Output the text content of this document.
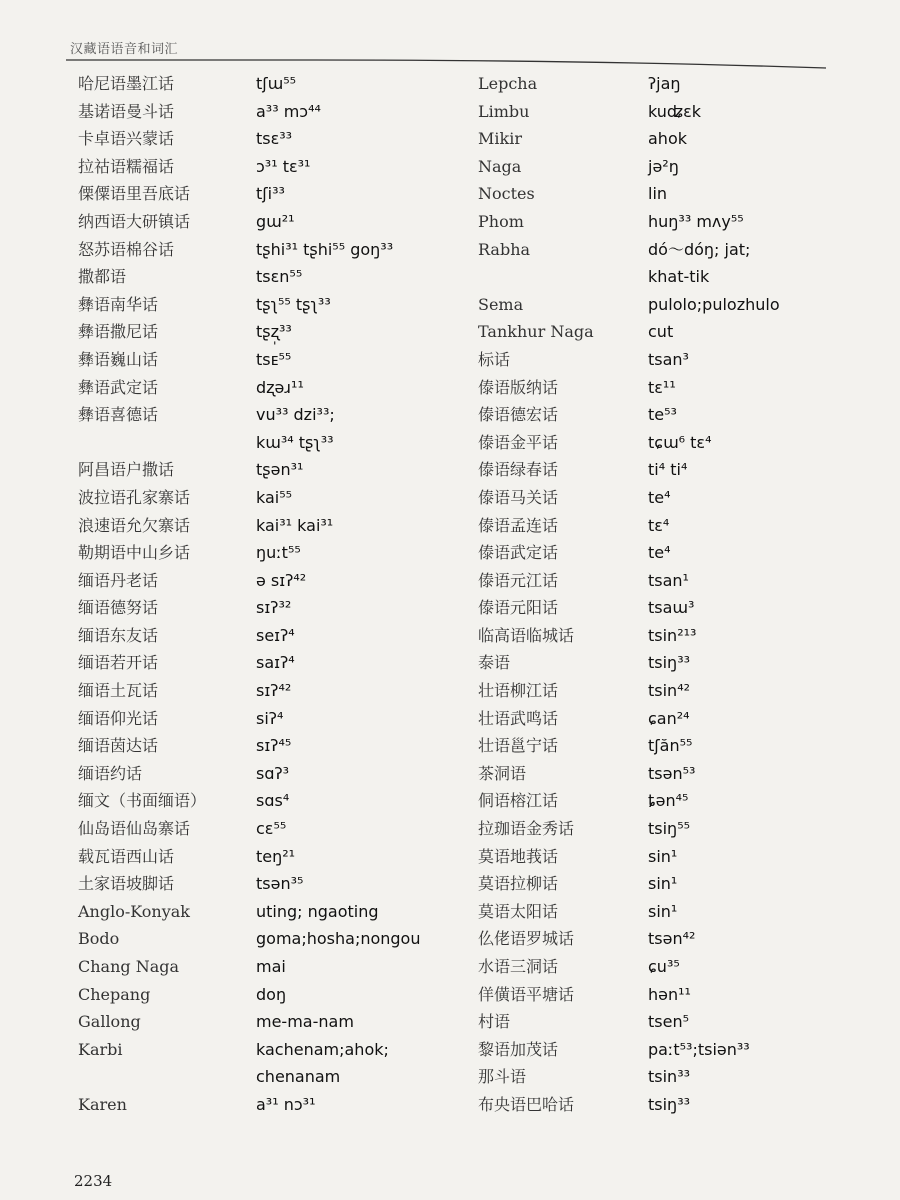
汉藏语语音和词汇
哈尼语墨江话	tʃɯ⁵⁵
基诺语曼斗话	a³³ mɔ⁴⁴
卡卓语兴蒙话	tsɛ³³
拉祜语糯福话	ɔ³¹ tɛ³¹
傈僳语里吾底话	tʃi³³
纳西语大研镇话	gɯ²¹
怒苏语棉谷话	tʂhi³¹ tʂhi⁵⁵ goŋ³³
撒都语	tsɛn⁵⁵
彝语南华话	tʂʅ⁵⁵ tʂʅ³³
彝语撒尼话	tʂʐ̩³³
彝语巍山话	tsᴇ⁵⁵
彝语武定话	dʐəɹ¹¹
彝语喜德话	vu³³ dzi³³;
kɯ³⁴ tʂʅ³³
阿昌语户撒话	tʂən³¹
波拉语孔家寨话	kai⁵⁵
浪速语允欠寨话	kai³¹ kai³¹
勒期语中山乡话	ŋuːt⁵⁵
缅语丹老话	ə sɪʔ⁴²
缅语德努话	sɪʔ³²
缅语东友话	seɪʔ⁴
缅语若开话	saɪʔ⁴
缅语土瓦话	sɪʔ⁴²
缅语仰光话	siʔ⁴
缅语茵达话	sɪʔ⁴⁵
缅语约话	sɑʔ³
缅文（书面缅语）	sɑs⁴
仙岛语仙岛寨话	cɛ⁵⁵
载瓦语西山话	teŋ²¹
土家语坡脚话	tsən³⁵
Anglo-Konyak	uting; ngaoting
Bodo	goma;hosha;nongou
Chang Naga	mai
Chepang	doŋ
Gallong	me-ma-nam
Karbi	kachenam;ahok;
chenanam
Karen	a³¹ nɔ³¹
Lepcha	ʔjaŋ
Limbu	kuʥɛk
Mikir	ahok
Naga	jə²ŋ
Noctes	lin
Phom	huŋ³³ mʌy⁵⁵
Rabha	dó～dóŋ; jat;
khat-tik
Sema	pulolo;pulozhulo
Tankhur Naga	cut
标话	tsan³
傣语版纳话	tɛ¹¹
傣语德宏话	te⁵³
傣语金平话	tɕɯ⁶ tɛ⁴
傣语绿春话	ti⁴ ti⁴
傣语马关话	te⁴
傣语孟连话	tɛ⁴
傣语武定话	te⁴
傣语元江话	tsan¹
傣语元阳话	tsaɯ³
临高语临城话	tsin²¹³
泰语	tsiŋ³³
壮语柳江话	tsin⁴²
壮语武鸣话	ɕan²⁴
壮语邕宁话	tʃăn⁵⁵
茶洞语	tsən⁵³
侗语榕江话	ȶən⁴⁵
拉珈语金秀话	tsiŋ⁵⁵
莫语地莪话	sin¹
莫语拉柳话	sin¹
莫语太阳话	sin¹
仫佬语罗城话	tsən⁴²
水语三洞话	ɕu³⁵
佯僙语平塘话	hən¹¹
村语	tsen⁵
黎语加茂话	paːt⁵³;tsiən³³
那斗语	tsin³³
布央语巴哈话	tsiŋ³³
2234
